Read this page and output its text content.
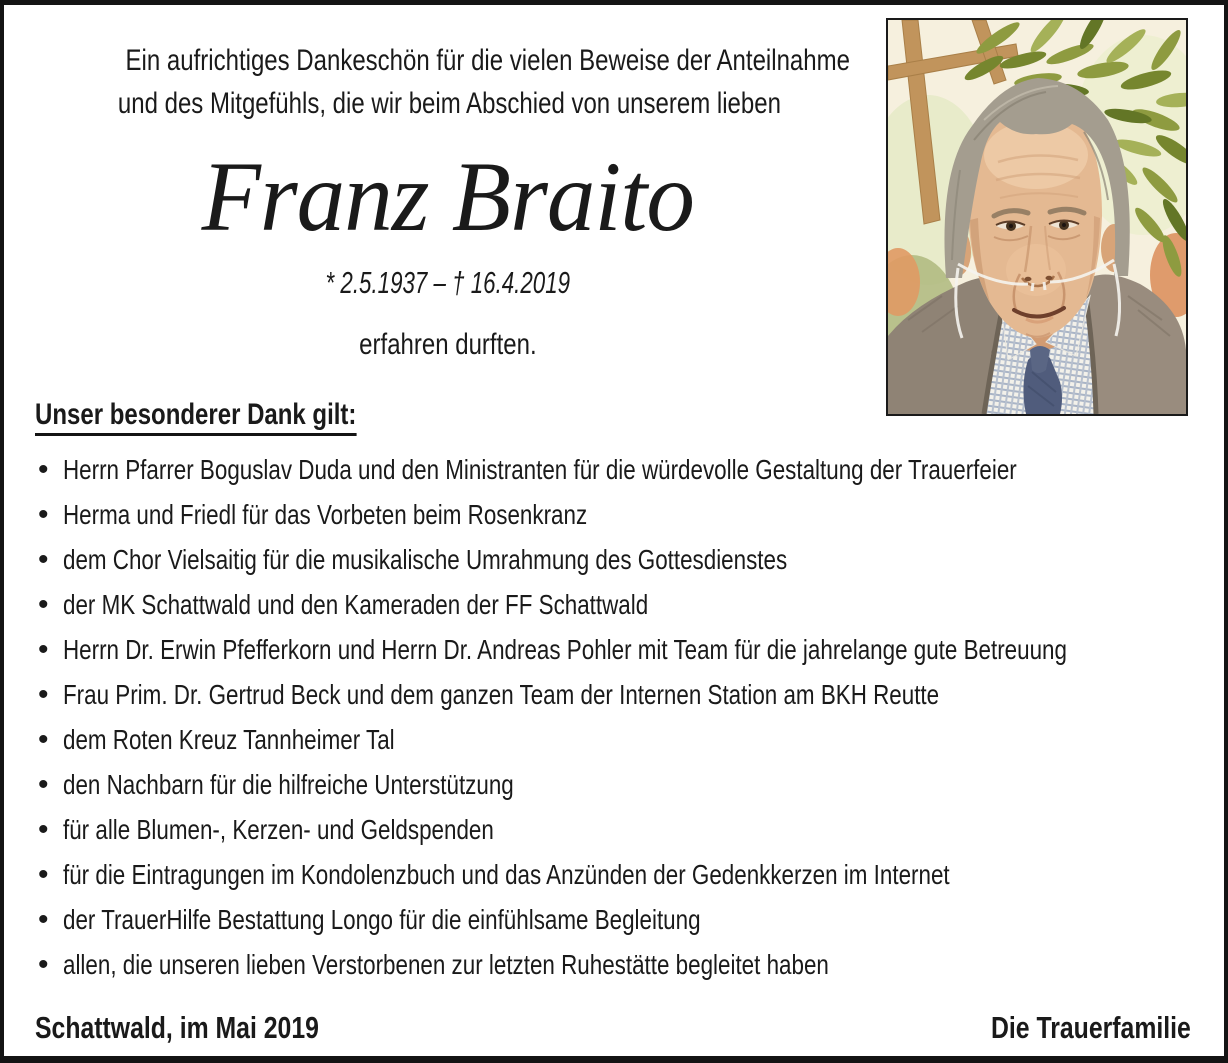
Ein aufrichtiges Dankeschön für die vielen Beweise der Anteilnahme
und des Mitgefühls, die wir beim Abschied von unserem lieben
Franz Braito
* 2.5.1937 – † 16.4.2019
erfahren durften.
Unser besonderer Dank gilt:
• Herrn Pfarrer Boguslav Duda und den Ministranten für die würdevolle Gestaltung der Trauerfeier
• Herma und Friedl für das Vorbeten beim Rosenkranz
• dem Chor Vielsaitig für die musikalische Umrahmung des Gottesdienstes
• der MK Schattwald und den Kameraden der FF Schattwald
• Herrn Dr. Erwin Pfefferkorn und Herrn Dr. Andreas Pohler mit Team für die jahrelange gute Betreuung
• Frau Prim. Dr. Gertrud Beck und dem ganzen Team der Internen Station am BKH Reutte
• dem Roten Kreuz Tannheimer Tal
• den Nachbarn für die hilfreiche Unterstützung
• für alle Blumen-, Kerzen- und Geldspenden
• für die Eintragungen im Kondolenzbuch und das Anzünden der Gedenkkerzen im Internet
• der TrauerHilfe Bestattung Longo für die einfühlsame Begleitung
• allen, die unseren lieben Verstorbenen zur letzten Ruhestätte begleitet haben
Schattwald, im Mai 2019	Die Trauerfamilie
